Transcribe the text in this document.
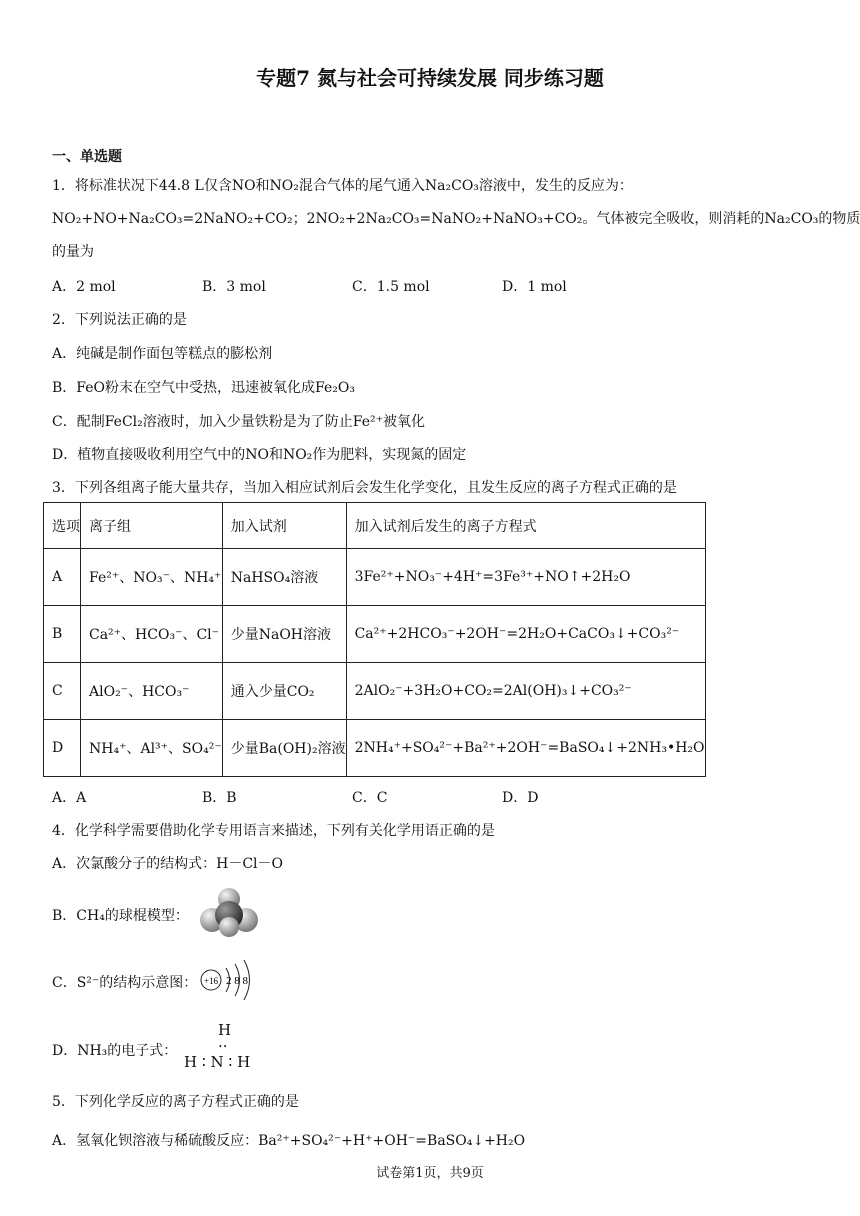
专题7 氮与社会可持续发展 同步练习题
一、单选题
1．将标准状况下44.8 L仅含NO和NO₂混合气体的尾气通入Na₂CO₃溶液中，发生的反应为：
NO₂+NO+Na₂CO₃=2NaNO₂+CO₂；2NO₂+2Na₂CO₃=NaNO₂+NaNO₃+CO₂。气体被完全吸收，则消耗的Na₂CO₃的物质
的量为
A．2 mol	B．3 mol	C．1.5 mol	D．1 mol
2．下列说法正确的是
A．纯碱是制作面包等糕点的膨松剂
B．FeO粉末在空气中受热，迅速被氧化成Fe₂O₃
C．配制FeCl₂溶液时，加入少量铁粉是为了防止Fe²⁺被氧化
D．植物直接吸收利用空气中的NO和NO₂作为肥料，实现氮的固定
3．下列各组离子能大量共存，当加入相应试剂后会发生化学变化，且发生反应的离子方程式正确的是
选项	离子组	加入试剂	加入试剂后发生的离子方程式
A	Fe²⁺、NO₃⁻、NH₄⁺	NaHSO₄溶液	3Fe²⁺+NO₃⁻+4H⁺=3Fe³⁺+NO↑+2H₂O
B	Ca²⁺、HCO₃⁻、Cl⁻	少量NaOH溶液	Ca²⁺+2HCO₃⁻+2OH⁻=2H₂O+CaCO₃↓+CO₃²⁻
C	AlO₂⁻、HCO₃⁻	通入少量CO₂	2AlO₂⁻+3H₂O+CO₂=2Al(OH)₃↓+CO₃²⁻
D	NH₄⁺、Al³⁺、SO₄²⁻	少量Ba(OH)₂溶液	2NH₄⁺+SO₄²⁻+Ba²⁺+2OH⁻=BaSO₄↓+2NH₃•H₂O
A．A	B．B	C．C	D．D
4．化学科学需要借助化学专用语言来描述，下列有关化学用语正确的是
A．次氯酸分子的结构式：H－Cl－O
B．CH₄的球棍模型：
C．S²⁻的结构示意图： +16 2 8 8
D．NH₃的电子式：
H
··
H ∶ N ∶ H
5．下列化学反应的离子方程式正确的是
A．氢氧化钡溶液与稀硫酸反应：Ba²⁺+SO₄²⁻+H⁺+OH⁻=BaSO₄↓+H₂O
试卷第1页，共9页
